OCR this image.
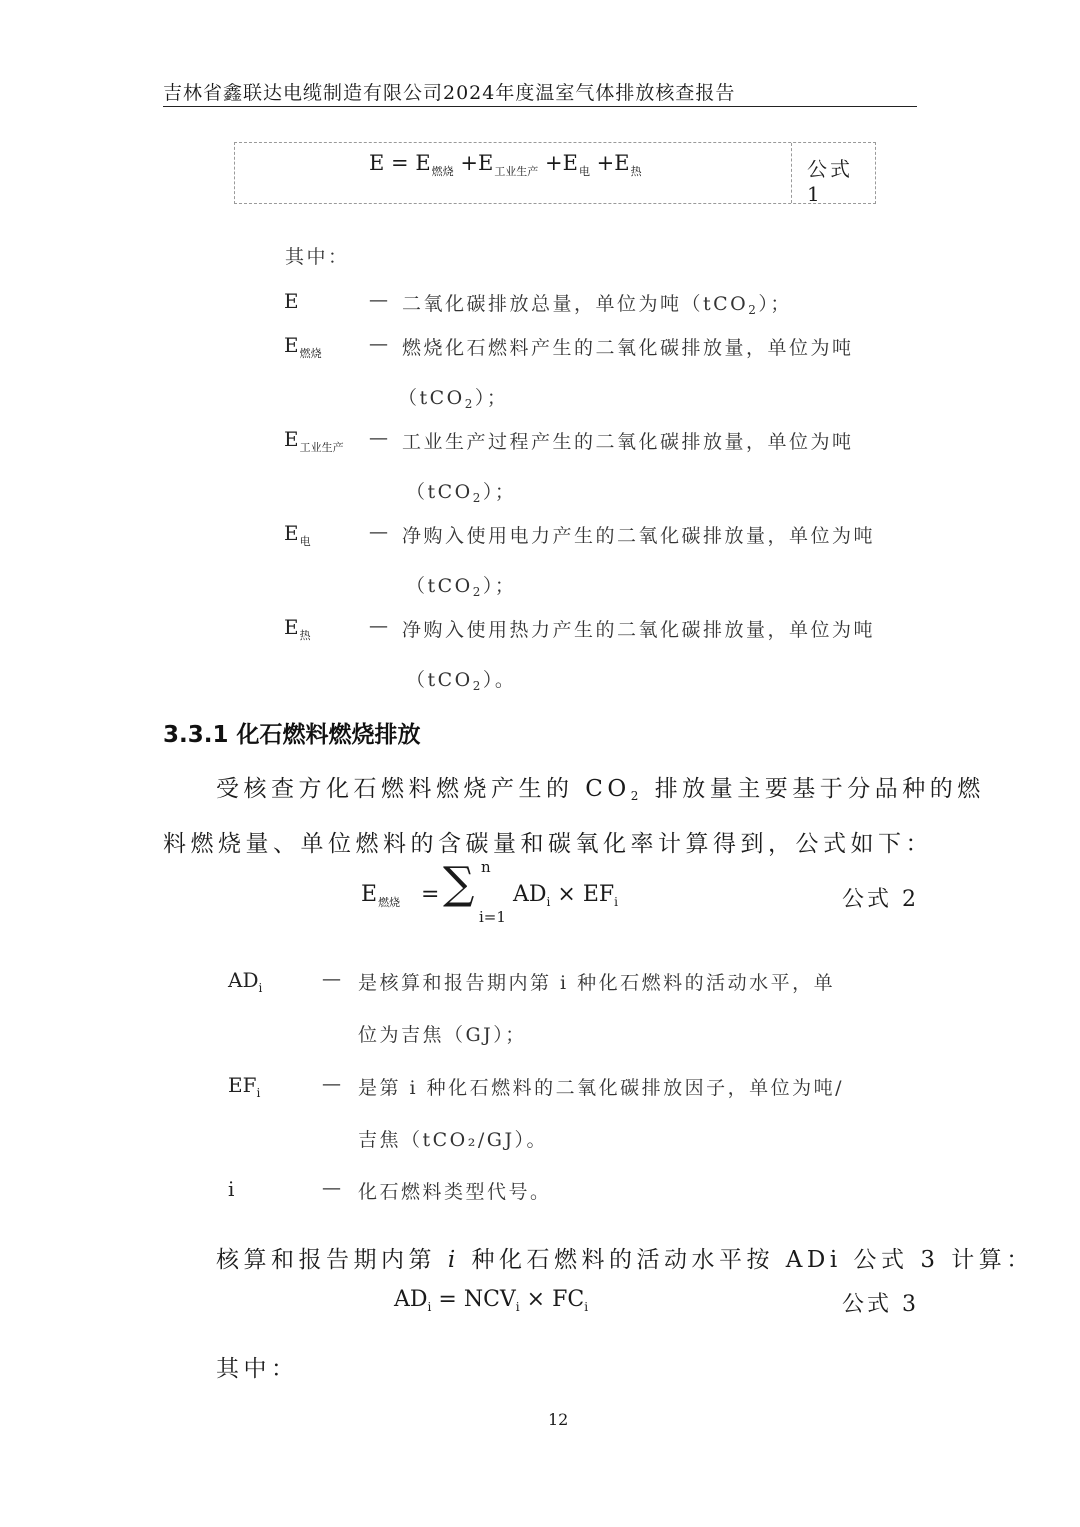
吉林省鑫联达电缆制造有限公司2024年度温室气体排放核查报告
$E = E_{燃烧} +E_{工业生产} +E_电 +E_热$	公式 1
其中：
E	— 二氧化碳排放总量，单位为吨（tCO$_2$）；
$E_{燃烧}$ — 燃烧化石燃料产生的二氧化碳排放量，单位为吨
（tCO$_2$）；
$E_{工业生产}$ — 工业生产过程产生的二氧化碳排放量，单位为吨
（tCO$_2$）；
$E_电$	— 净购入使用电力产生的二氧化碳排放量，单位为吨
（tCO$_2$）；
$E_热$	— 净购入使用热力产生的二氧化碳排放量，单位为吨
（tCO$_2$）。
3.3.1 化石燃料燃烧排放
受核查方化石燃料燃烧产生的 CO2 排放量主要基于分品种的燃
料燃烧量、单位燃料的含碳量和碳氧化率计算得到，公式如下：
$E_{燃烧}$ = ∑ n
i=1
$AD_i \times EF_i$	公式 2
$AD_i$	— 是核算和报告期内第 i 种化石燃料的活动水平，单
位为吉焦（GJ）；
$EF_i$	— 是第 i 种化石燃料的二氧化碳排放因子，单位为吨/
吉焦（tCO₂/GJ）。
i	— 化石燃料类型代号。
核算和报告期内第 i 种化石燃料的活动水平按 ADi 公式 3 计算：
$AD_i = NCV_i \times FC_i$	公式 3
其中：
12
